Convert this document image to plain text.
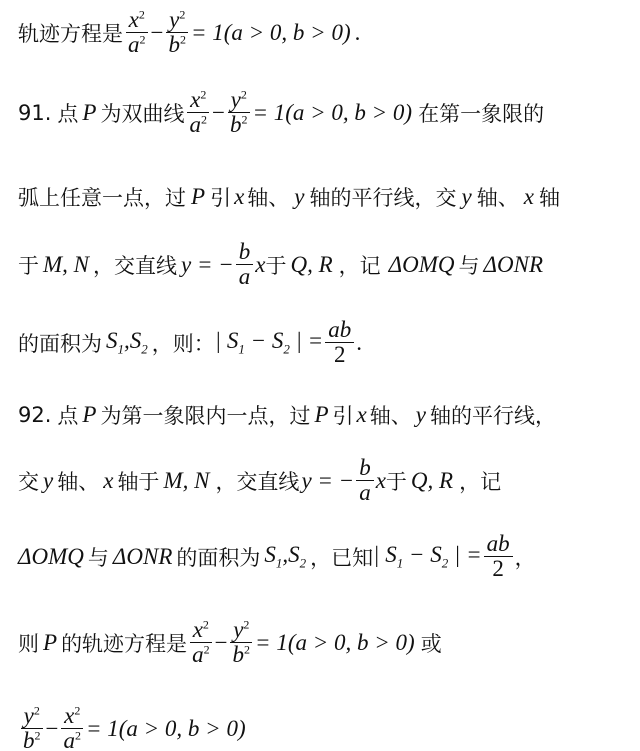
轨迹方程是 $\frac{x^2}{a^2} - \frac{y^2}{b^2} = 1(a > 0$, b > 0) .
91. 点 P 为双曲线 $\frac{x^2}{a^2} - \frac{y^2}{b^2} = 1(a > 0$, b > 0) 在第一象限的
弧上任意一点，过 P 引 x 轴、 y 轴的平行线，交 y 轴、 x 轴
于 M, N ，交直线 y = − $\frac{b}{a}$ x 于 Q, R ，记 ΔOMQ 与 ΔONR
的面积为 $S_1,S_2$ ，则： | $S_1 - S_2$ | = $\frac{ab}{2}$ .
92. 点 P 为第一象限内一点，过 P 引 x 轴、 y 轴的平行线，
交 y 轴、 x 轴于 M, N ，交直线 y = − $\frac{b}{a}$ x 于 Q, R ，记
ΔOMQ 与 ΔONR 的面积为 $S_1,S_2$ ，已知 | $S_1 - S_2$ | = $\frac{ab}{2}$ ，
则 P 的轨迹方程是 $\frac{x^2}{a^2} - \frac{y^2}{b^2} = 1(a > 0$, b > 0) 或
$\frac{y^2}{b^2} - \frac{x^2}{a^2} = 1(a > 0$, b > 0)
